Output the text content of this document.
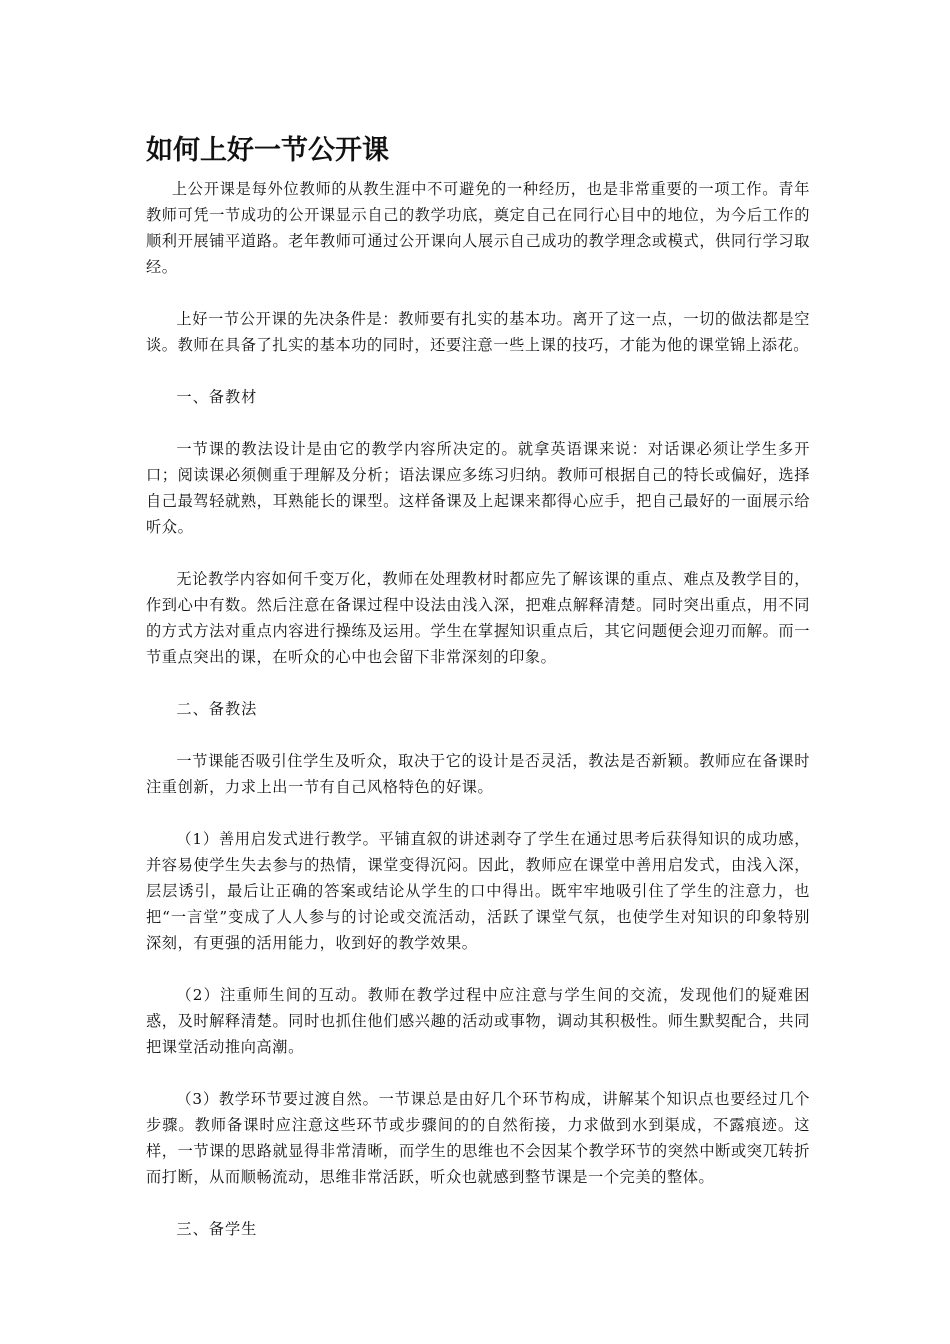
如何上好一节公开课

上公开课是每外位教师的从教生涯中不可避免的一种经历，也是非常重要的一项工作。青年教师可凭一节成功的公开课显示自己的教学功底，奠定自己在同行心目中的地位，为今后工作的顺利开展铺平道路。老年教师可通过公开课向人展示自己成功的教学理念或模式，供同行学习取经。

上好一节公开课的先决条件是：教师要有扎实的基本功。离开了这一点，一切的做法都是空谈。教师在具备了扎实的基本功的同时，还要注意一些上课的技巧，才能为他的课堂锦上添花。

一、备教材

一节课的教法设计是由它的教学内容所决定的。就拿英语课来说：对话课必须让学生多开口；阅读课必须侧重于理解及分析；语法课应多练习归纳。教师可根据自己的特长或偏好，选择自己最驾轻就熟，耳熟能长的课型。这样备课及上起课来都得心应手，把自己最好的一面展示给听众。

无论教学内容如何千变万化，教师在处理教材时都应先了解该课的重点、难点及教学目的，作到心中有数。然后注意在备课过程中设法由浅入深，把难点解释清楚。同时突出重点，用不同的方式方法对重点内容进行操练及运用。学生在掌握知识重点后，其它问题便会迎刃而解。而一节重点突出的课，在听众的心中也会留下非常深刻的印象。

二、备教法

一节课能否吸引住学生及听众，取决于它的设计是否灵活，教法是否新颖。教师应在备课时注重创新，力求上出一节有自己风格特色的好课。

（1）善用启发式进行教学。平铺直叙的讲述剥夺了学生在通过思考后获得知识的成功感，并容易使学生失去参与的热情，课堂变得沉闷。因此，教师应在课堂中善用启发式，由浅入深，层层诱引，最后让正确的答案或结论从学生的口中得出。既牢牢地吸引住了学生的注意力，也把“一言堂”变成了人人参与的讨论或交流活动，活跃了课堂气氛，也使学生对知识的印象特别深刻，有更强的活用能力，收到好的教学效果。

（2）注重师生间的互动。教师在教学过程中应注意与学生间的交流，发现他们的疑难困惑，及时解释清楚。同时也抓住他们感兴趣的活动或事物，调动其积极性。师生默契配合，共同把课堂活动推向高潮。

（3）教学环节要过渡自然。一节课总是由好几个环节构成，讲解某个知识点也要经过几个步骤。教师备课时应注意这些环节或步骤间的的自然衔接，力求做到水到渠成，不露痕迹。这样，一节课的思路就显得非常清晰，而学生的思维也不会因某个教学环节的突然中断或突兀转折而打断，从而顺畅流动，思维非常活跃，听众也就感到整节课是一个完美的整体。

三、备学生
